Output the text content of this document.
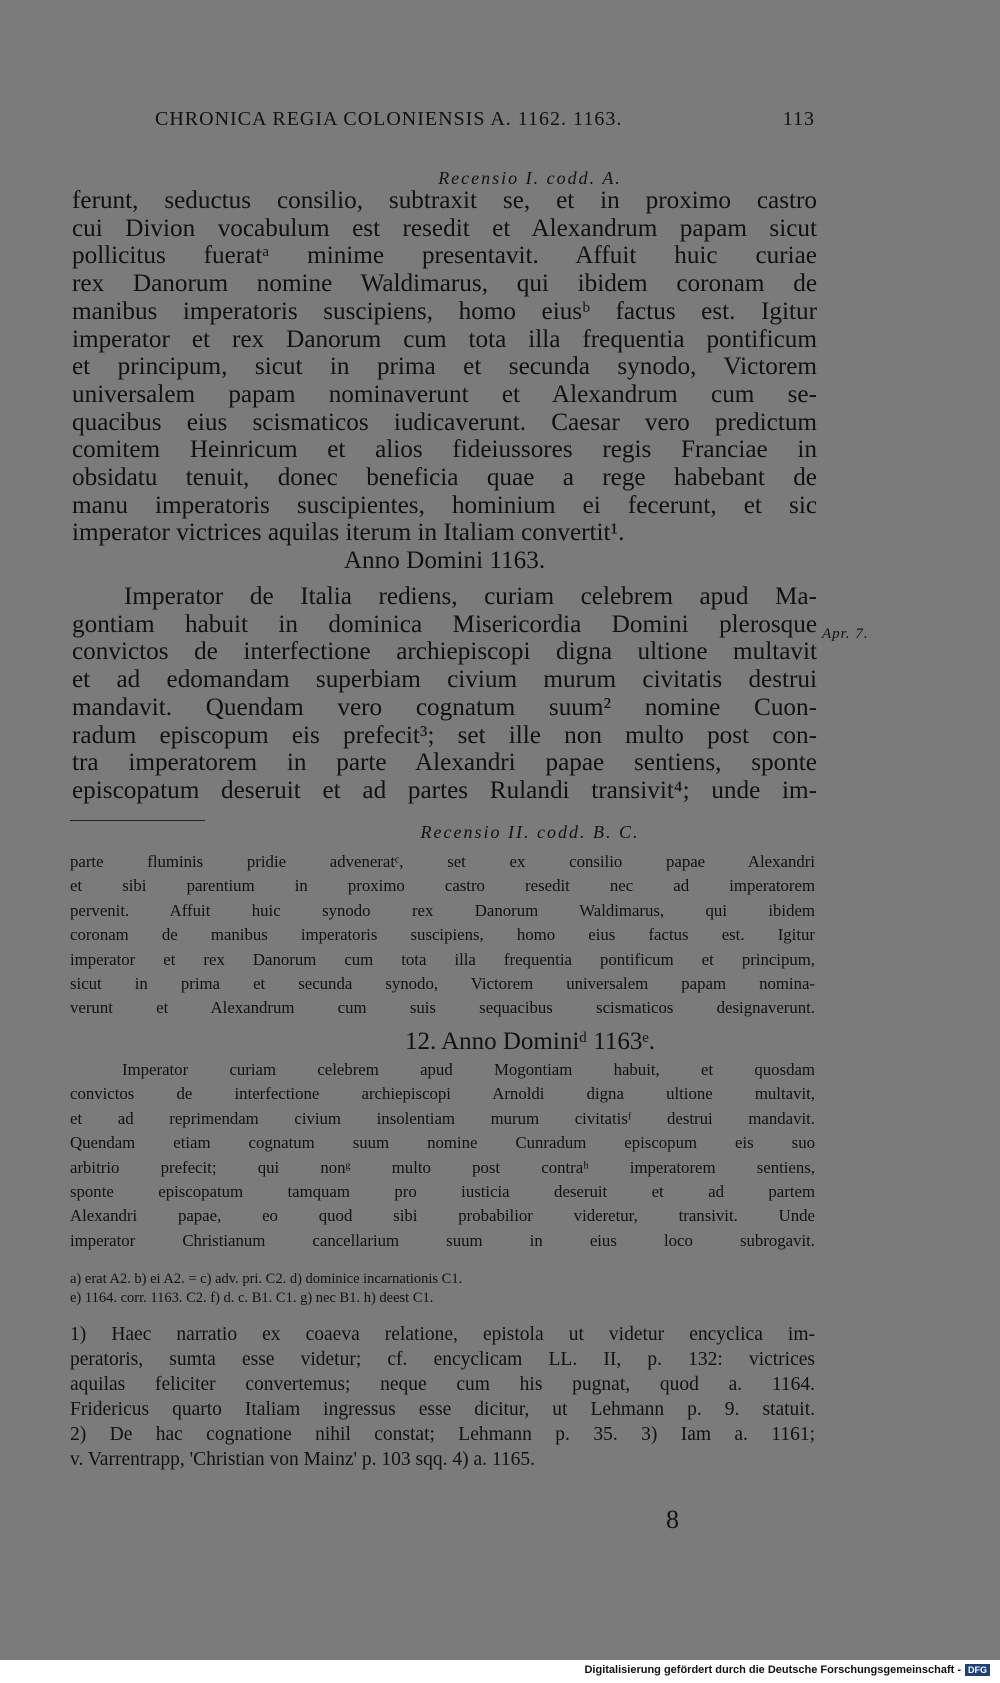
CHRONICA REGIA COLONIENSIS A. 1162. 1163.	113
Recensio I. codd. A.
ferunt, seductus consilio, subtraxit se, et in proximo castro
cui Divion vocabulum est resedit et Alexandrum papam sicut
pollicitus fueratᵃ minime presentavit. Affuit huic curiae
rex Danorum nomine Waldimarus, qui ibidem coronam de
manibus imperatoris suscipiens, homo eiusᵇ factus est. Igitur
imperator et rex Danorum cum tota illa frequentia pontificum
et principum, sicut in prima et secunda synodo, Victorem
universalem papam nominaverunt et Alexandrum cum se-
quacibus eius scismaticos iudicaverunt. Caesar vero predictum
comitem Heinricum et alios fideiussores regis Franciae in
obsidatu tenuit, donec beneficia quae a rege habebant de
manu imperatoris suscipientes, hominium ei fecerunt, et sic
imperator victrices aquilas iterum in Italiam convertit¹.
Anno Domini 1163.
Imperator de Italia rediens, curiam celebrem apud Ma-
gontiam habuit in dominica Misericordia Domini plerosque
convictos de interfectione archiepiscopi digna ultione multavit
et ad edomandam superbiam civium murum civitatis destrui
mandavit. Quendam vero cognatum suum² nomine Cuon-
radum episcopum eis prefecit³; set ille non multo post con-
tra imperatorem in parte Alexandri papae sentiens, sponte
episcopatum deseruit et ad partes Rulandi transivit⁴; unde im-
Apr. 7.
Recensio II. codd. B. C.
parte fluminis pridie adveneratᶜ, set ex consilio papae Alexandri
et sibi parentium in proximo castro resedit nec ad imperatorem
pervenit. Affuit huic synodo rex Danorum Waldimarus, qui ibidem
coronam de manibus imperatoris suscipiens, homo eius factus est. Igitur
imperator et rex Danorum cum tota illa frequentia pontificum et principum,
sicut in prima et secunda synodo, Victorem universalem papam nomina-
verunt et Alexandrum cum suis sequacibus scismaticos designaverunt.
12. Anno Dominiᵈ 1163ᵉ.
Imperator curiam celebrem apud Mogontiam habuit, et quosdam
convictos de interfectione archiepiscopi Arnoldi digna ultione multavit,
et ad reprimendam civium insolentiam murum civitatisᶠ destrui mandavit.
Quendam etiam cognatum suum nomine Cunradum episcopum eis suo
arbitrio prefecit; qui nonᵍ multo post contraʰ imperatorem sentiens,
sponte episcopatum tamquam pro iusticia deseruit et ad partem
Alexandri papae, eo quod sibi probabilior videretur, transivit. Unde
imperator Christianum cancellarium suum in eius loco subrogavit.
a) erat A2. b) ei A2. = c) adv. pri. C2. d) dominice incarnationis C1.
e) 1164. corr. 1163. C2. f) d. c. B1. C1. g) nec B1. h) deest C1.
1) Haec narratio ex coaeva relatione, epistola ut videtur encyclica im-
peratoris, sumta esse videtur; cf. encyclicam LL. II, p. 132: victrices
aquilas feliciter convertemus; neque cum his pugnat, quod a. 1164.
Fridericus quarto Italiam ingressus esse dicitur, ut Lehmann p. 9. statuit.
2) De hac cognatione nihil constat; Lehmann p. 35. 3) Iam a. 1161;
v. Varrentrapp, 'Christian von Mainz' p. 103 sqq. 4) a. 1165.
8
Digitalisierung gefördert durch die Deutsche Forschungsgemeinschaft - DFG
